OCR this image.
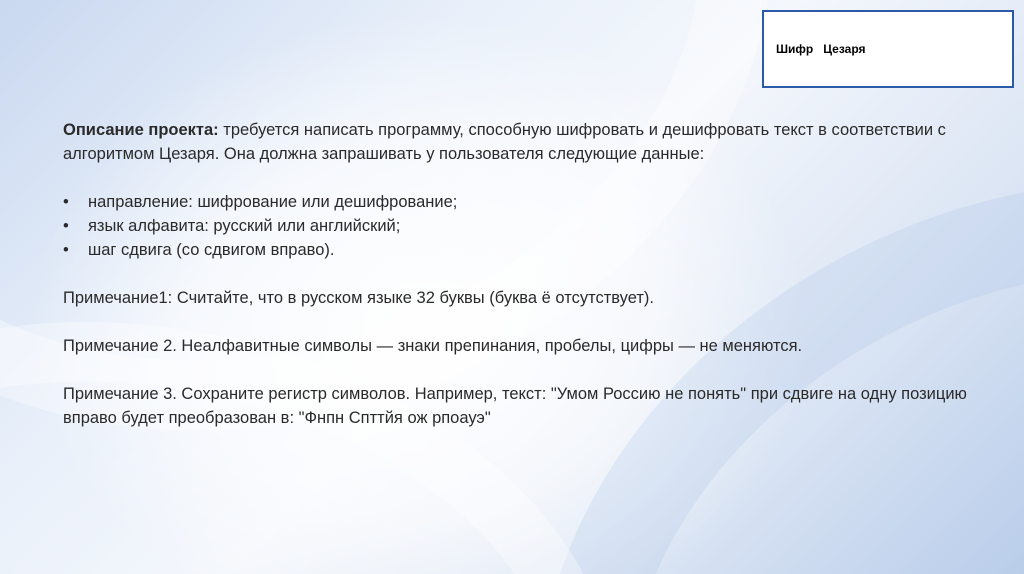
Шифр   Цезаря

Описание проекта: требуется написать программу, способную шифровать и дешифровать текст в соответствии с алгоритмом Цезаря. Она должна запрашивать у пользователя следующие данные:

• направление: шифрование или дешифрование;
• язык алфавита: русский или английский;
• шаг сдвига (со сдвигом вправо).

Примечание1: Считайте, что в русском языке 32 буквы (буква ё отсутствует).

Примечание 2. Неалфавитные символы — знаки препинания, пробелы, цифры — не меняются.

Примечание 3. Сохраните регистр символов. Например, текст: "Умом Россию не понять" при сдвиге на одну позицию вправо будет преобразован в: "Фнпн Спттйя ож рпоауэ"
